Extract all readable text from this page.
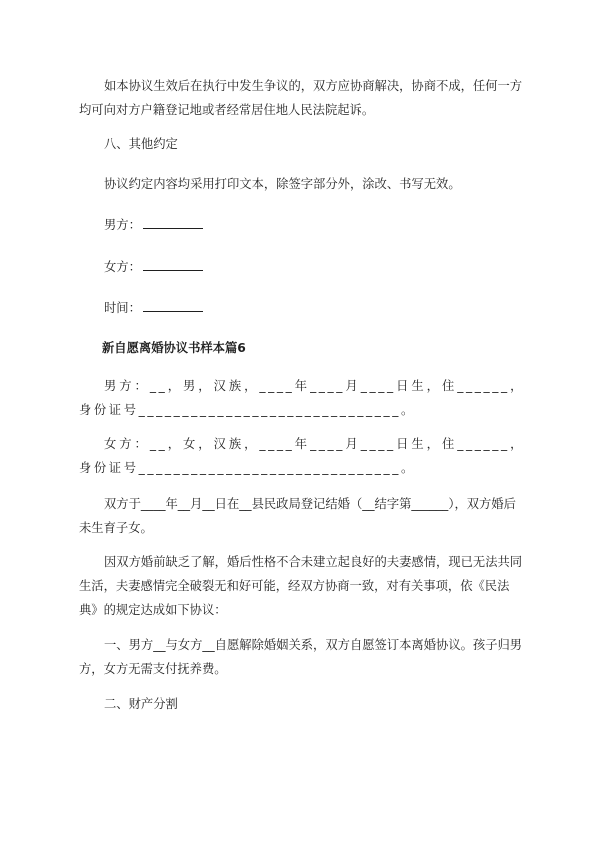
如本协议生效后在执行中发生争议的，双方应协商解决，协商不成，任何一方均可向对方户籍登记地或者经常居住地人民法院起诉。

八、其他约定

协议约定内容均采用打印文本，除签字部分外，涂改、书写无效。

男方：
女方：
时间：

新自愿离婚协议书样本篇6

男方：__，男，汉族，____年____月____日生，住______，身份证号______________________________。

女方：__，女，汉族，____年____月____日生，住______，身份证号______________________________。

双方于____年__月__日在__县民政局登记结婚（__结字第______），双方婚后未生育子女。

因双方婚前缺乏了解，婚后性格不合未建立起良好的夫妻感情，现已无法共同生活，夫妻感情完全破裂无和好可能，经双方协商一致，对有关事项，依《民法典》的规定达成如下协议：

一、男方__与女方__自愿解除婚姻关系，双方自愿签订本离婚协议。孩子归男方，女方无需支付抚养费。

二、财产分割
